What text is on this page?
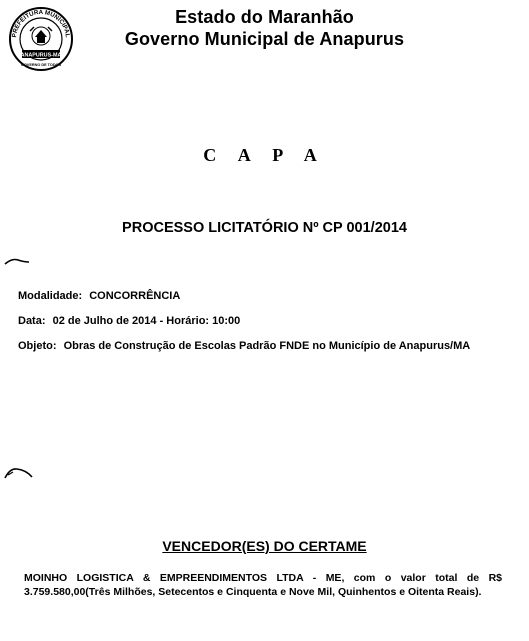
PREFEITURA MUNICIPAL
ANAPURUS-MA
GOVERNO DE TODOS
Estado do Maranhão
Governo Municipal de Anapurus
C A P A
PROCESSO LICITATÓRIO Nº CP 001/2014
Modalidade: CONCORRÊNCIA
Data: 02 de Julho de 2014 - Horário: 10:00
Objeto: Obras de Construção de Escolas Padrão FNDE no Município de Anapurus/MA
VENCEDOR(ES) DO CERTAME
MOINHO LOGISTICA & EMPREENDIMENTOS LTDA - ME, com o valor total de R$ 3.759.580,00(Três Milhões, Setecentos e Cinquenta e Nove Mil, Quinhentos e Oitenta Reais).
